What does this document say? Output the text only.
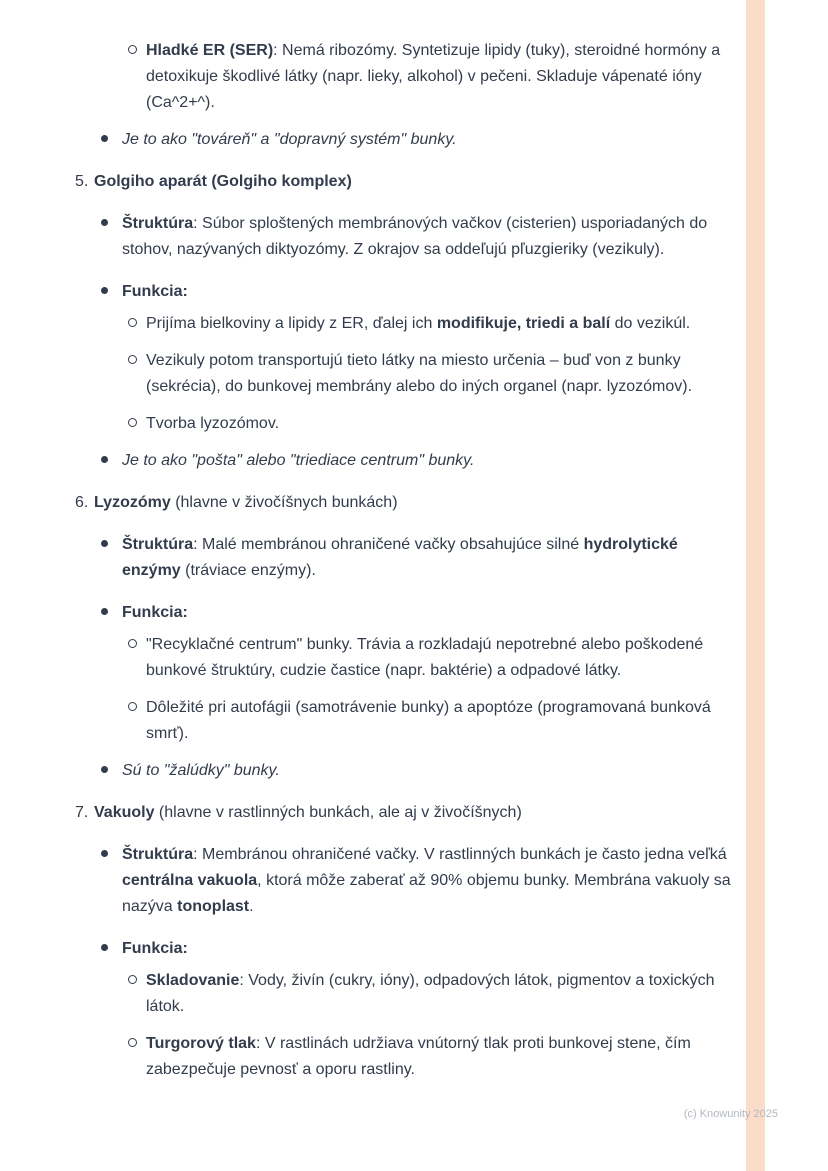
Hladké ER (SER): Nemá ribozómy. Syntetizuje lipidy (tuky), steroidné hormóny a detoxikuje škodlivé látky (napr. lieky, alkohol) v pečeni. Skladuje vápenaté ióny (Ca^2+^).
Je to ako "továreň" a "dopravný systém" bunky.
5. Golgiho aparát (Golgiho komplex)
Štruktúra: Súbor sploštených membránových vačkov (cisterien) usporiadaných do stohov, nazývaných diktyozómy. Z okrajov sa oddeľujú pľuzgieriky (vezikuly).
Funkcia:
Prijíma bielkoviny a lipidy z ER, ďalej ich modifikuje, triedi a balí do vezikúl.
Vezikuly potom transportujú tieto látky na miesto určenia – buď von z bunky (sekrécia), do bunkovej membrány alebo do iných organel (napr. lyzozómov).
Tvorba lyzozómov.
Je to ako "pošta" alebo "triediace centrum" bunky.
6. Lyzozómy (hlavne v živočíšnych bunkách)
Štruktúra: Malé membránou ohraničené vačky obsahujúce silné hydrolytické enzýmy (tráviace enzýmy).
Funkcia:
"Recyklačné centrum" bunky. Trávia a rozkladajú nepotrebné alebo poškodené bunkové štruktúry, cudzie častice (napr. baktérie) a odpadové látky.
Dôležité pri autofágii (samotrávenie bunky) a apoptóze (programovaná bunková smrť).
Sú to "žalúdky" bunky.
7. Vakuoly (hlavne v rastlinných bunkách, ale aj v živočíšnych)
Štruktúra: Membránou ohraničené vačky. V rastlinných bunkách je často jedna veľká centrálna vakuola, ktorá môže zaberať až 90% objemu bunky. Membrána vakuoly sa nazýva tonoplast.
Funkcia:
Skladovanie: Vody, živín (cukry, ióny), odpadových látok, pigmentov a toxických látok.
Turgorový tlak: V rastlinách udržiava vnútorný tlak proti bunkovej stene, čím zabezpečuje pevnosť a oporu rastliny.
(c) Knowunity 2025
